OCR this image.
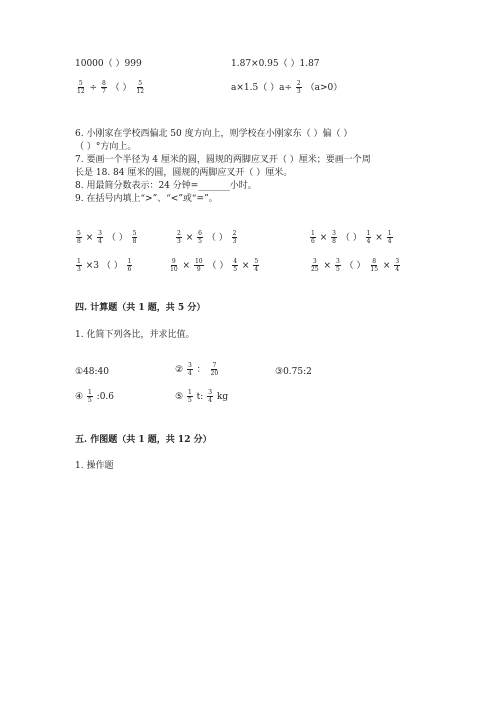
10000（ ）999	1.87×0.95（ ）1.87
$\frac{5}{12} \div \frac{8}{7}$ （ ） $\frac{5}{12}$	a×1.5（ ）$a\div \frac{2}{3} (a>0)$
6. 小刚家在学校西偏北 50 度方向上，则学校在小刚家东（ ）偏（ ）
（ ）°方向上。
7. 要画一个半径为 4 厘米的圆，圆规的两脚应叉开（ ）厘米；要画一个周
长是 18. 84 厘米的圆，圆规的两脚应叉开（ ）厘米。
8. 用最简分数表示：24 分钟=_______小时。
9. 在括号内填上“>”、“<”或“=”。
$\frac{5}{8} \times \frac{3}{4}$ （ ） $\frac{5}{8}$	$\frac{2}{3} \times \frac{6}{5}$ （ ） $\frac{2}{3}$	$\frac{1}{6} \times \frac{3}{8}$ （ ） $\frac{1}{4} \times \frac{1}{4}$
$\frac{1}{3} \times 3$ （ ） $\frac{1}{6}$	$\frac{9}{10} \times \frac{10}{9}$ （ ） $\frac{4}{5} \times \frac{5}{4}$	$\frac{3}{25} \times \frac{3}{5}$ （ ） $\frac{8}{15} \times \frac{3}{4}$
四. 计算题（共 1 题，共 5 分）
1. 化简下列各比，并求比值。
①48:40	② $\frac{3}{4}$ ： $\frac{7}{20}$	③0.75:2
④ $\frac{1}{5}$ :0.6	⑤ $\frac{1}{5} t$: $\frac{3}{4}$ kg
五. 作图题（共 1 题，共 12 分）
1. 操作题
